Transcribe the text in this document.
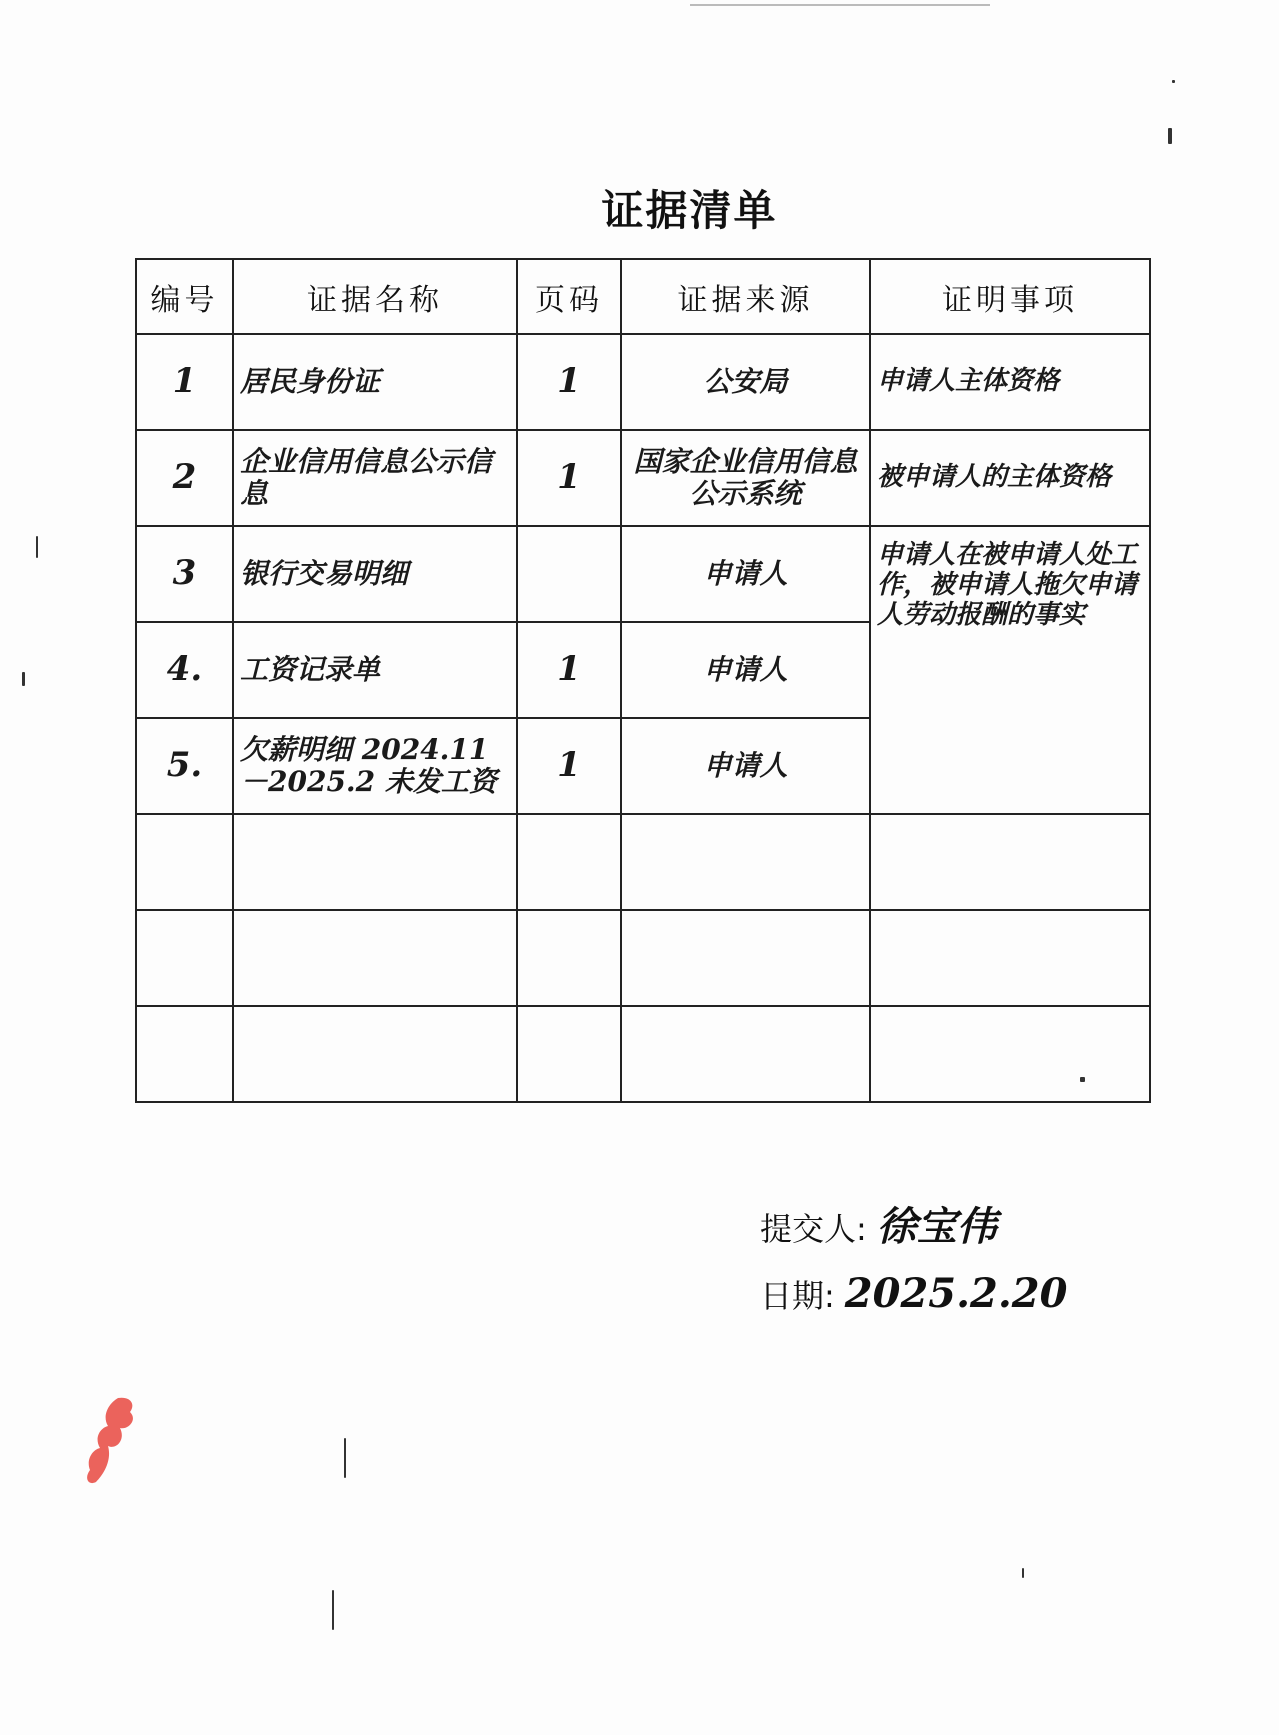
证据清单
编号	证据名称	页码	证据来源	证明事项
1	居民身份证	1	公安局	申请人主体资格
2	企业信用信息公示信息	1	国家企业信用信息公示系统	被申请人的主体资格
3	银行交易明细		申请人	申请人在被申请人处工作，被申请人拖欠申请人劳动报酬的事实
4.	工资记录单	1	申请人	
5.	欠薪明细 2024.11－2025.2 未发工资	1	申请人	

提交人: 徐宝伟
日期: 2025.2.20
